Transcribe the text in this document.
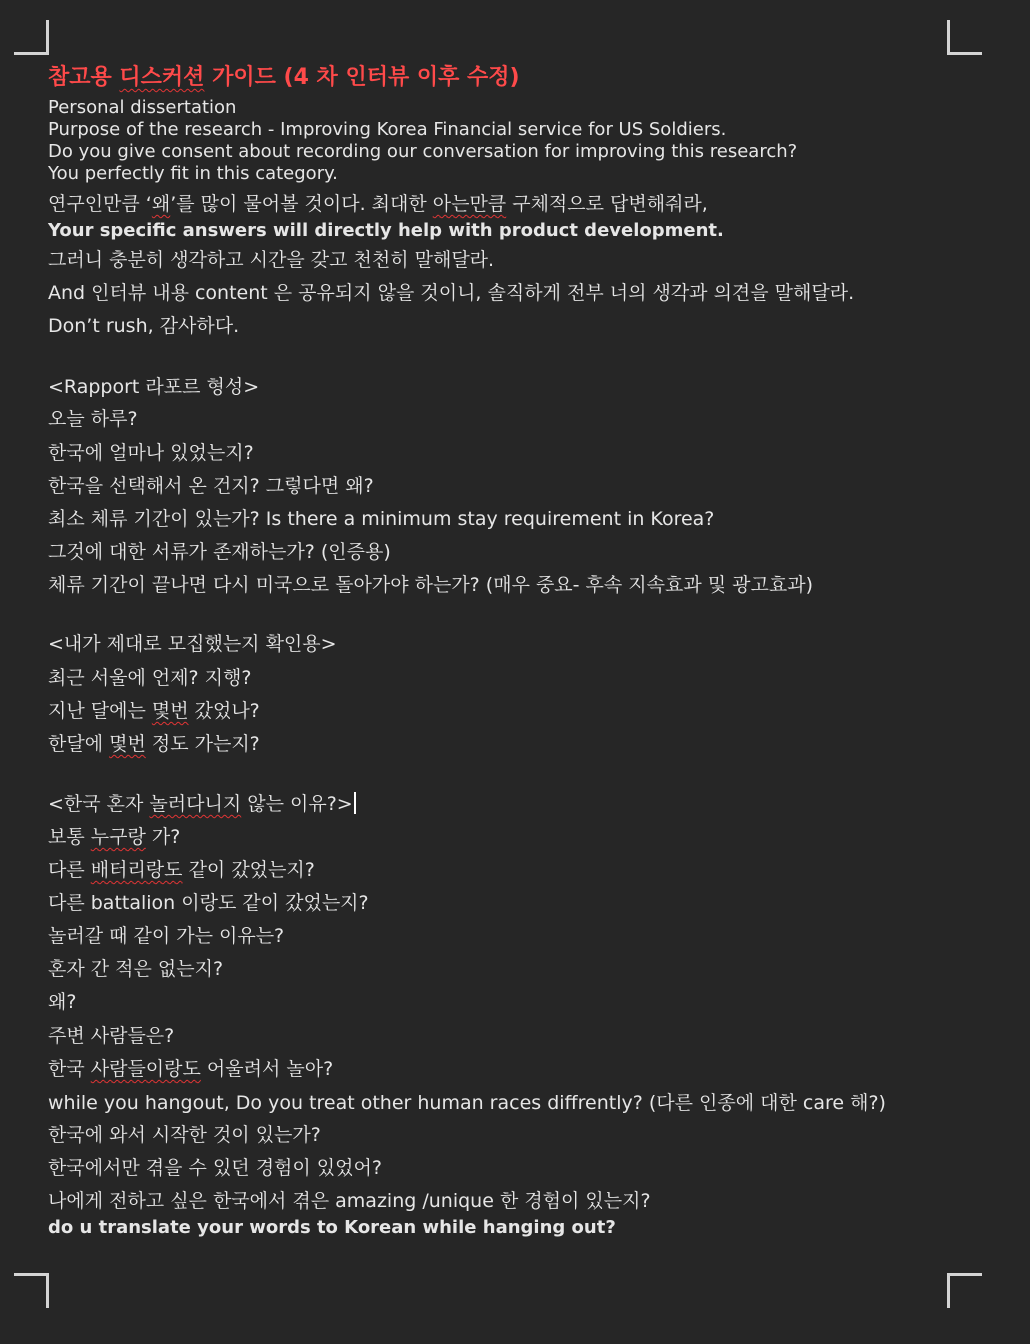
참고용 디스커션 가이드 (4 차 인터뷰 이후 수정)
Personal dissertation
Purpose of the research - Improving Korea Financial service for US Soldiers.
Do you give consent about recording our conversation for improving this research?
You perfectly fit in this category.
연구인만큼 ‘왜’를 많이 물어볼 것이다. 최대한 아는만큼 구체적으로 답변해줘라,
Your specific answers will directly help with product development.
그러니 충분히 생각하고 시간을 갖고 천천히 말해달라.
And 인터뷰 내용 content 은 공유되지 않을 것이니, 솔직하게 전부 너의 생각과 의견을 말해달라.
Don’t rush, 감사하다.
<Rapport 라포르 형성>
오늘 하루?
한국에 얼마나 있었는지?
한국을 선택해서 온 건지? 그렇다면 왜?
최소 체류 기간이 있는가? Is there a minimum stay requirement in Korea?
그것에 대한 서류가 존재하는가? (인증용)
체류 기간이 끝나면 다시 미국으로 돌아가야 하는가? (매우 중요- 후속 지속효과 및 광고효과)
<내가 제대로 모집했는지 확인용>
최근 서울에 언제? 지행?
지난 달에는 몇번 갔었나?
한달에 몇번 정도 가는지?
<한국 혼자 놀러다니지 않는 이유?>
보통 누구랑 가?
다른 배터리랑도 같이 갔었는지?
다른 battalion 이랑도 같이 갔었는지?
놀러갈 때 같이 가는 이유는?
혼자 간 적은 없는지?
왜?
주변 사람들은?
한국 사람들이랑도 어울려서 놀아?
while you hangout, Do you treat other human races diffrently? (다른 인종에 대한 care 해?)
한국에 와서 시작한 것이 있는가?
한국에서만 겪을 수 있던 경험이 있었어?
나에게 전하고 싶은 한국에서 겪은 amazing /unique 한 경험이 있는지?
do u translate your words to Korean while hanging out?
